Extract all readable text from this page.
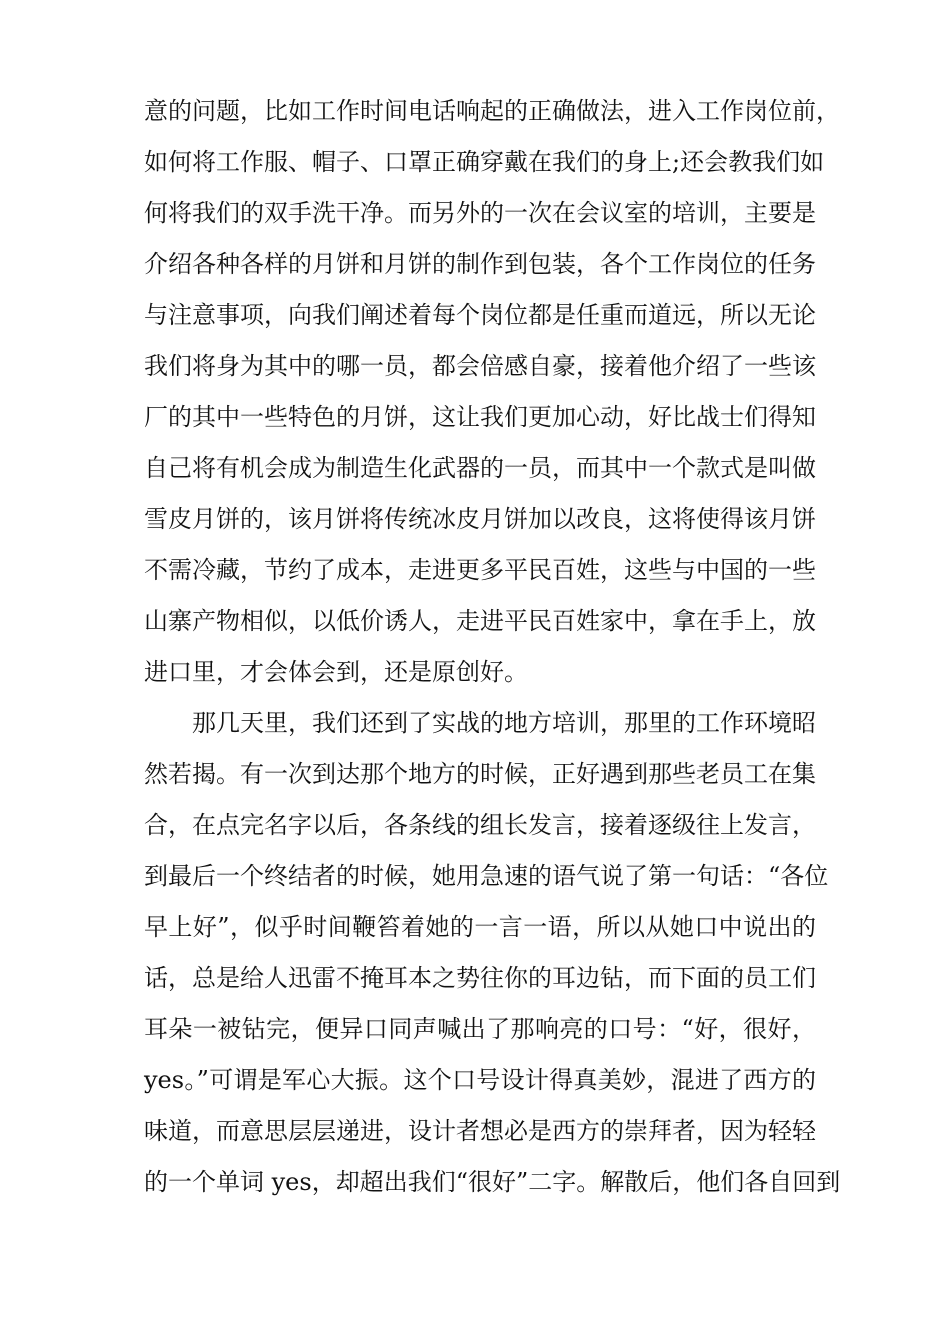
意的问题，比如工作时间电话响起的正确做法，进入工作岗位前，
如何将工作服、帽子、口罩正确穿戴在我们的身上;还会教我们如
何将我们的双手洗干净。而另外的一次在会议室的培训，主要是
介绍各种各样的月饼和月饼的制作到包装，各个工作岗位的任务
与注意事项，向我们阐述着每个岗位都是任重而道远，所以无论
我们将身为其中的哪一员，都会倍感自豪，接着他介绍了一些该
厂的其中一些特色的月饼，这让我们更加心动，好比战士们得知
自己将有机会成为制造生化武器的一员，而其中一个款式是叫做
雪皮月饼的，该月饼将传统冰皮月饼加以改良，这将使得该月饼
不需冷藏，节约了成本，走进更多平民百姓，这些与中国的一些
山寨产物相似，以低价诱人，走进平民百姓家中，拿在手上，放
进口里，才会体会到，还是原创好。
那几天里，我们还到了实战的地方培训，那里的工作环境昭
然若揭。有一次到达那个地方的时候，正好遇到那些老员工在集
合，在点完名字以后，各条线的组长发言，接着逐级往上发言，
到最后一个终结者的时候，她用急速的语气说了第一句话：“各位
早上好”，似乎时间鞭笞着她的一言一语，所以从她口中说出的
话，总是给人迅雷不掩耳本之势往你的耳边钻，而下面的员工们
耳朵一被钻完，便异口同声喊出了那响亮的口号：“好，很好，
yes。”可谓是军心大振。这个口号设计得真美妙，混进了西方的
味道，而意思层层递进，设计者想必是西方的崇拜者，因为轻轻
的一个单词 yes，却超出我们“很好”二字。解散后，他们各自回到
